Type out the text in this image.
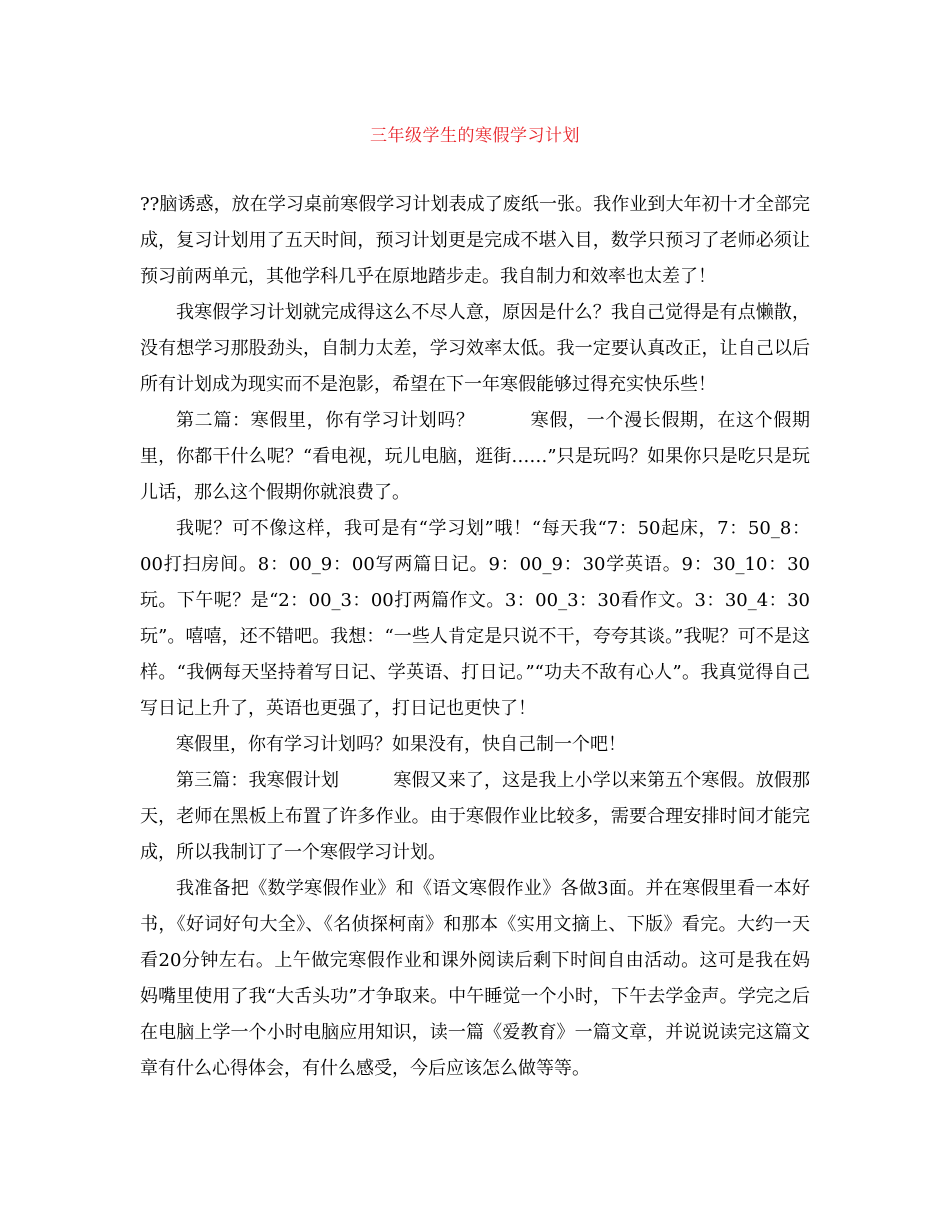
三年级学生的寒假学习计划

??脑诱惑，放在学习桌前寒假学习计划表成了废纸一张。我作业到大年初十才全部完成，复习计划用了五天时间，预习计划更是完成不堪入目，数学只预习了老师必须让预习前两单元，其他学科几乎在原地踏步走。我自制力和效率也太差了！

我寒假学习计划就完成得这么不尽人意，原因是什么？我自己觉得是有点懒散，没有想学习那股劲头，自制力太差，学习效率太低。我一定要认真改正，让自己以后所有计划成为现实而不是泡影，希望在下一年寒假能够过得充实快乐些！

第二篇：寒假里，你有学习计划吗？　　　寒假，一个漫长假期，在这个假期里，你都干什么呢？“看电视，玩儿电脑，逛街……”只是玩吗？如果你只是吃只是玩儿话，那么这个假期你就浪费了。

我呢？可不像这样，我可是有“学习划”哦！“每天我“7：50起床，7：50_8：00打扫房间。8：00_9：00写两篇日记。9：00_9：30学英语。9：30_10：30玩。下午呢？是“2：00_3：00打两篇作文。3：00_3：30看作文。3：30_4：30玩”。嘻嘻，还不错吧。我想：“一些人肯定是只说不干，夸夸其谈。”我呢？可不是这样。“我俩每天坚持着写日记、学英语、打日记。”“功夫不敌有心人”。我真觉得自己写日记上升了，英语也更强了，打日记也更快了！

寒假里，你有学习计划吗？如果没有，快自己制一个吧！

第三篇：我寒假计划　　　寒假又来了，这是我上小学以来第五个寒假。放假那天，老师在黑板上布置了许多作业。由于寒假作业比较多，需要合理安排时间才能完成，所以我制订了一个寒假学习计划。

我准备把《数学寒假作业》和《语文寒假作业》各做3面。并在寒假里看一本好书，《好词好句大全》、《名侦探柯南》和那本《实用文摘上、下版》看完。大约一天看20分钟左右。上午做完寒假作业和课外阅读后剩下时间自由活动。这可是我在妈妈嘴里使用了我“大舌头功”才争取来。中午睡觉一个小时，下午去学金声。学完之后在电脑上学一个小时电脑应用知识，读一篇《爱教育》一篇文章，并说说读完这篇文章有什么心得体会，有什么感受，今后应该怎么做等等。
